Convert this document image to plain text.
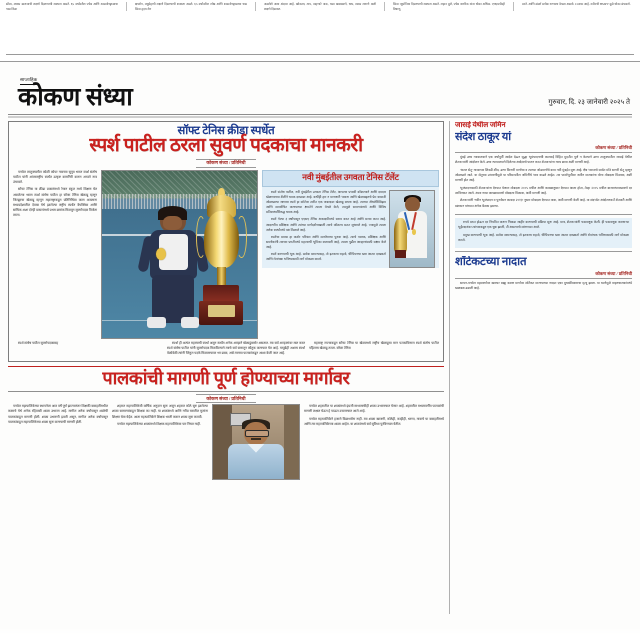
सौम्य, मध्यम स्वरूपाची लक्षणे दिसण्याची शक्यता असते. ६५ वर्षांवरील ज्येष्ठ आणि श्वसनोच्छ्वासाचा त्रास किंवा
क्षयरोग, मधुमेहाची लक्षणे दिसण्याची शक्यता असते. ६५ वर्षांवरील ज्येष्ठ आणि श्वसनोच्छ्वासाचा त्रास किंवा हृदय रोग
असलेले अशा अंदाज आहे. खोकला, ताप, वाहणारे नाक, घसा खवखवणे, धाप, श्वास लागणे अशी लक्षणे दिसतात.
किंवा न्यूमोनिया दिसण्याची शक्यता असते. लहान मुले, ज्येष्ठ नागरिक यांना धोका अधिक. एचएमपीव्ही विषाणू.
ठरते. आणि संसर्ग प्रत्येक रुग्णाला वेगळा असतो. COPD आहे. नवीनची HMPV मुळे धोका संभवतो.
साप्ताहिक
कोकण संध्या	गुरुवार, दि. २३ जानेवारी २०२५ ते
सॉफ्ट टेनिस क्रीडा स्पर्धेत
स्पर्श पाटील ठरला सुवर्ण पदकाचा मानकरी
कोकण संध्या / प्रतिनिधी

पनवेल तालुक्यातील कोळी कोपर गावच्या सुपुत्र भारत स्पर्श संतोष पाटील यांनी आंतरराष्ट्रीय स्पर्धेत उत्कृष्ट कामगिरी करून आपले नाव उंचावले.

सॉफ्ट टेनिस या क्रीडा प्रकारांमध्ये रेयान स्कूल मध्ये शिक्षण घेत असलेल्या भारत स्पर्श संतोष पाटील हा सॉफ्ट टेनिस खेळाडू म्हणून जिल्ह्याचा खेळाडू म्हणून महाराष्ट्राकडून प्रतिनिधित्व करत असताना मध्यप्रदेशातील देवास येथे झालेल्या राष्ट्रीय स्पर्धेत वैयक्तिक आणि सांघिक अशा दोन्ही प्रकारांमध्ये प्रथम क्रमांक मिळवून सुवर्णपदक विजेता ठरला.

नवी मुंबईतील उगवता टेनिस टॅलेंट

स्पर्श संतोष पाटील, नवी मुंबईतील उगवता टेनिस टॅलेंट, आपल्या प्रभावी कौशल्याने आणि दमदार खेळण्याच्या शैलीने चमक दाखवत आहे. कधीही हार न मानणारी भावना आणि खेळाबद्दलचे प्रेम यासाठी ओळखल्या जाणारा स्पर्श हा कोर्टवर त्वरीत एक जबरदस्त खेळाडू बनला आहे. त्याच्या ॲथलेटिसिझम आणि समयोचित करण्याच्या क्षमतेने त्याला वेगळे केले, त्यामुळे सामन्यांमध्ये आणि विविध प्रतिस्पर्ध्यांविरुद्ध चमक आहे.

स्पर्श गेल्या ३ वर्षांपासून एएसए टेनिस अकादमीमध्ये सराव करत आहे आणि सराव करत आहे. आदरणीय प्रशिक्षक आणि त्यांच्या मार्गदर्शनाखाली त्याचे कौशल्य सतत सुधारले आहे, ज्यामुळे त्याला अनेक स्पर्धांमध्ये यश मिळाले आहे.

स्पर्शचा प्रवास हा कठोर परिश्रम आणि समर्पणाचा पुरावा आहे. त्याचे पालक, प्रशिक्षक आणि समर्थकांनी त्याच्या प्रगतीमध्ये महत्त्वाची भूमिका बजावली आहे, त्याला पुढील आव्हानांसाठी सक्षम केले आहे.

स्पर्श करण्याची भूक आहे. प्रत्येक सामन्यासह, तो इतकाच राहतो, चॅम्पियनचा खरा आत्मा दाखवतो आणि रोमांचक भविष्यासाठी मार्ग मोकळा करतो.

स्पर्श संतोष पाटील सुवर्णपदकासह	स्पर्धा ही अत्यंत महत्त्वाची स्पर्धा असून स्पर्धेत अनेक आव्हाने खेळाडूंसमोर असतात. त्या सर्व आव्हानांवर मात करत स्पर्श संतोष पाटील यांनी सुवर्णपदक मिळविल्याने त्याचे सर्व स्तरातून कौतुक करण्यात येत आहे. यापुढेही अशाच स्पर्धा वेळोवेळी त्यांनी जिंकून पदके मिळवण्यावर भर द्यावा, असे त्याच्या पालकांकडून आशा केली जात आहे.

महाराष्ट्र राज्याकडून सॉफ्ट टेनिस या खेळामध्ये राष्ट्रीय खेळाडूचा मान पटकाविणारा स्पर्श संतोष पाटील पहिलाच खेळाडू ठरला. सॉफ्ट टेनिस

पालकांची मागणी पूर्ण होण्याच्या मार्गावर
कोकण संध्या / प्रतिनिधी

पनवेल महापालिकेच्या स्थापनेला आठ वर्षे पूर्ण झाल्यानंतर शिक्षकी वसाहतीमधील कामाचे येथे अनेक रहिवासी शाळा उभारत आहे. मागील अनेक वर्षांपासून शाळेची पालकांकडून मागणी होती. शाळा उभारणी झाली असून, मागील अनेक वर्षांपासून पालकांकडून महापालिकेच्या शाळा सुरू करण्याची मागणी होती.

शहरात महापालिकेची वार्षिक अनुदान सुरू असून शहरात कोठे सुरु झालेल्या शाळा सामान्यांकडून शिक्षक का नाही. या शाळांमध्ये आणि गरीब घरातील मुलांना शिक्षण घेता येईल. आता महापालिकेने शिक्षक भरती करून शाळा सुरू करावी.

पनवेल महापालिकेच्या शाळांमध्ये शिक्षक महापालिकेचा पार निघत नाही.

पनवेल शहरातील या शाळांमध्ये इंग्रजी माध्यमाचीही शाळा उभारण्यात येणार आहे. शहरातील मध्यमवर्गीय पालकांची मागणी लक्षात घेऊन हे पाऊल उचलण्यात आले आहे.

पनवेल महापालिकेने हजारो विद्यार्थ्यांना नाही. त्या शाळा खाजगी, कोठेही, काहीही, धरणा, नावाचे या वसाहतीमध्ये आणि त्या महापालिकेच्या शाळा आहेत. या शाळांमध्ये सर्व सुविधा पुरविण्यात येतील.

जासई येथील जमिन
संदेश ठाकूर यां
कोकण संध्या / प्रतिनिधी

मुंबई उच्च न्यायालयाने एक वर्षापूर्वी आदेश देऊन सुद्धा भूसंपादनाची कारवाई विहित मुदतीत पूर्ण न केल्याने उरण तालुक्यातील जासई येथील शेतकऱ्यांनी आंदोलन केले. उच्च न्यायालयाने दिलेल्या आदेशाचे पालन करत शेतकऱ्यांना न्याय द्यावा अशी मागणी आहे.

'अटल सेतू' नाव्याच्या शिवडी शीव, उरण किनारी मार्गाचा व त्याच्या जोडमार्गांचे काम नवी मुंबईत सुरू आहे. क्षेत्र भारताचे सर्वात मोठे सागरी सेतू म्हणून ओळखले जाते. या सेतूच्या उभारणीमुळे या परिसरातील जमिनींचे भाव वाढले आहेत. त्या पार्श्वभूमीवर जमीन मालकांना योग्य मोबदला मिळावा, अशी मागणी होत आहे.

भूसंपादनासाठी शेतकऱ्यांना देण्यात येणारा मोबदला २००५ मधील आणि कायद्यानुसार देण्यात आला होता, तेव्हा २००५ मधील बाजारभावाप्रमाणे दर ठरविण्यात आले. आता नव्या कायद्याप्रमाणे मोबदला मिळावा, अशी मागणी आहे.

शेतकऱ्यांनी 'नवीन भूसंपादन व पुनर्वसन कायदा २०१३' नुसार मोबदला देण्यात यावा, अशी मागणी केली आहे. या संदर्भात आंदोलनकर्ते शेतकरी आणि प्रशासन यांच्यात अनेक बैठका झाल्या.

रुपये प्राप्त होऊन दर नियमित करून निवाडा जाहीर करण्याची प्रक्रिया सुरू आहे. मात्र, शेतकऱ्यांनी फसवणूक केली. ही फसवणूक करणाऱ्या भूईंटदारांवर त्यांच्याकडून एक चूक झाली, ती असल्याचे सांगण्यात आले.

प्रमुख करण्याची भूक आहे. प्रत्येक सामन्यासह, तो इतकाच राहतो, चॅम्पियनचा खरा आत्मा दाखवतो आणि रोमांचक भविष्यासाठी मार्ग मोकळा करतो.

शॉर्टकटच्या नादात
कोकण संध्या / प्रतिनिधी

सायन-पनवेल महामार्गावर खारघर बाह्य वळण मार्गावर शॉर्टकट मारण्याच्या नादात एका दुचाकीस्वाराचा मृत्यू झाला. या घटनेमुळे वाहनचालकांमध्ये खळबळ उडाली आहे.
